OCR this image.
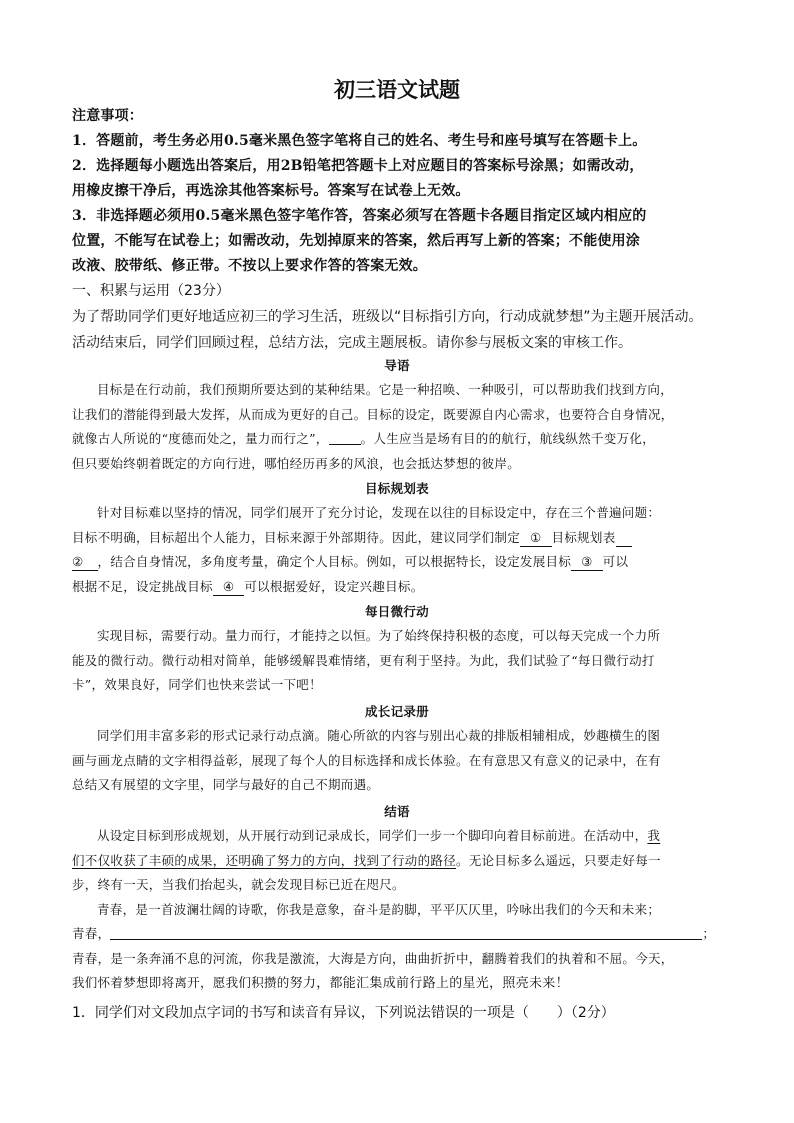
初三语文试题
注意事项：
1．答题前，考生务必用0.5毫米黑色签字笔将自己的姓名、考生号和座号填写在答题卡上。
2．选择题每小题选出答案后，用2B铅笔把答题卡上对应题目的答案标号涂黑；如需改动，
用橡皮擦干净后，再选涂其他答案标号。答案写在试卷上无效。
3．非选择题必须用0.5毫米黑色签字笔作答，答案必须写在答题卡各题目指定区域内相应的
位置，不能写在试卷上；如需改动，先划掉原来的答案，然后再写上新的答案；不能使用涂
改液、胶带纸、修正带。不按以上要求作答的答案无效。
一、积累与运用（23分）
为了帮助同学们更好地适应初三的学习生活，班级以“目标指引方向，行动成就梦想”为主题开展活动。
活动结束后，同学们回顾过程，总结方法，完成主题展板。请你参与展板文案的审核工作。
导语
目标是在行动前，我们预期所要达到的某种结果。它是一种招唤、一种吸引，可以帮助我们找到方向，
让我们的潜能得到最大发挥，从而成为更好的自己。目标的设定，既要源自内心需求，也要符合自身情况，
就像古人所说的“度德而处之，量力而行之”，	。人生应当是场有目的的航行，航线纵然千变万化，
但只要始终朝着既定的方向行进，哪怕经历再多的风浪，也会抵达梦想的彼岸。
目标规划表
针对目标难以坚持的情况，同学们展开了充分讨论，发现在以往的目标设定中，存在三个普遍问题：
目标不明确，目标超出个人能力，目标来源于外部期待。因此，建议同学们制定 ① 目标规划表
② ，结合自身情况，多角度考量，确定个人目标。例如，可以根据特长，设定发展目标 ③ 可以
根据不足，设定挑战目标 ④ 可以根据爱好，设定兴趣目标。
每日微行动
实现目标，需要行动。量力而行，才能持之以恒。为了始终保持积极的态度，可以每天完成一个力所
能及的微行动。微行动相对简单，能够缓解畏难情绪，更有利于坚持。为此，我们试验了“每日微行动打
卡”，效果良好，同学们也快来尝试一下吧！
成长记录册
同学们用丰富多彩的形式记录行动点滴。随心所欲的内容与别出心裁的排版相辅相成，妙趣横生的图
画与画龙点睛的文字相得益彰，展现了每个人的目标选择和成长体验。在有意思又有意义的记录中，在有
总结又有展望的文字里，同学与最好的自己不期而遇。
结语
从设定目标到形成规划，从开展行动到记录成长，同学们一步一个脚印向着目标前进。在活动中，我
们不仅收获了丰硕的成果，还明确了努力的方向，找到了行动的路径。无论目标多么遥远，只要走好每一
步，终有一天，当我们抬起头，就会发现目标已近在咫尺。
青春，是一首波澜壮阔的诗歌，你我是意象，奋斗是韵脚，平平仄仄里，吟咏出我们的今天和未来；
青春，	；
青春，是一条奔涌不息的河流，你我是激流，大海是方向，曲曲折折中，翻腾着我们的执着和不屈。今天，
我们怀着梦想即将离开，愿我们积攒的努力，都能汇集成前行路上的星光，照亮未来！
1．同学们对文段加点字词的书写和读音有异议，下列说法错误的一项是（　　）（2分）
